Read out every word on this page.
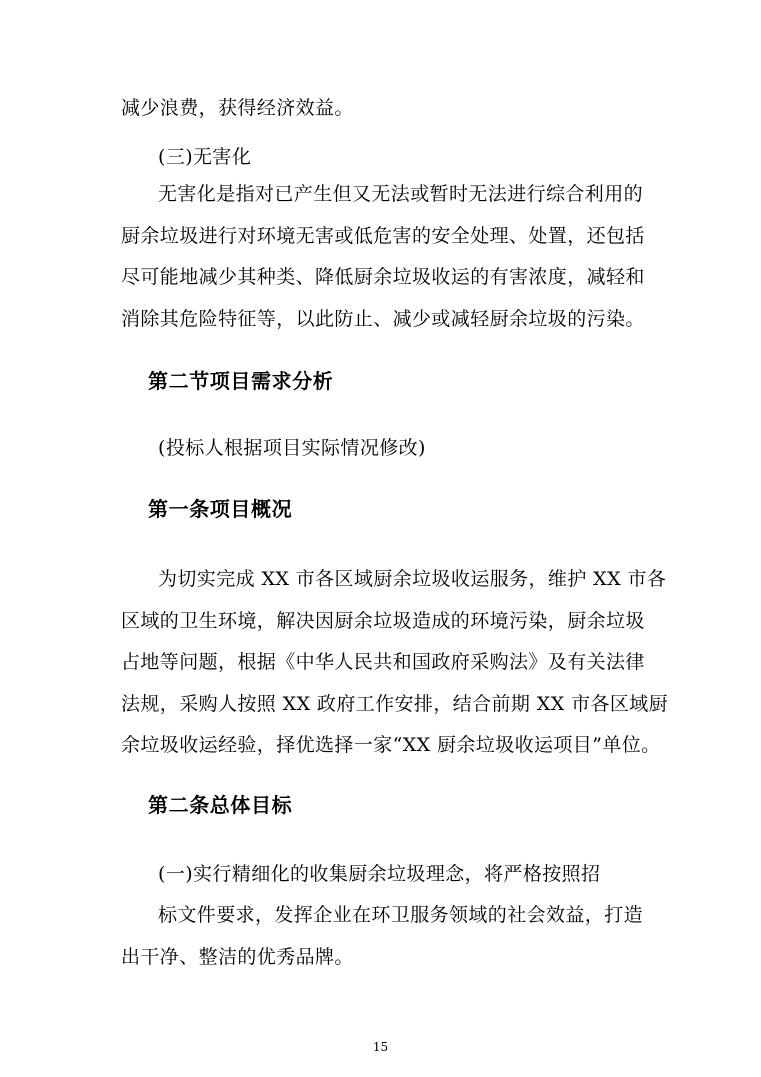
减少浪费，获得经济效益。
(三)无害化
无害化是指对已产生但又无法或暂时无法进行综合利用的
厨余垃圾进行对环境无害或低危害的安全处理、处置，还包括
尽可能地减少其种类、降低厨余垃圾收运的有害浓度，减轻和
消除其危险特征等，以此防止、减少或减轻厨余垃圾的污染。
第二节项目需求分析
(投标人根据项目实际情况修改)
第一条项目概况
为切实完成 XX 市各区域厨余垃圾收运服务，维护 XX 市各
区域的卫生环境，解决因厨余垃圾造成的环境污染，厨余垃圾
占地等问题，根据《中华人民共和国政府采购法》及有关法律
法规，采购人按照 XX 政府工作安排，结合前期 XX 市各区域厨
余垃圾收运经验，择优选择一家“XX 厨余垃圾收运项目”单位。
第二条总体目标
(一)实行精细化的收集厨余垃圾理念，将严格按照招
标文件要求，发挥企业在环卫服务领域的社会效益，打造
出干净、整洁的优秀品牌。
15
